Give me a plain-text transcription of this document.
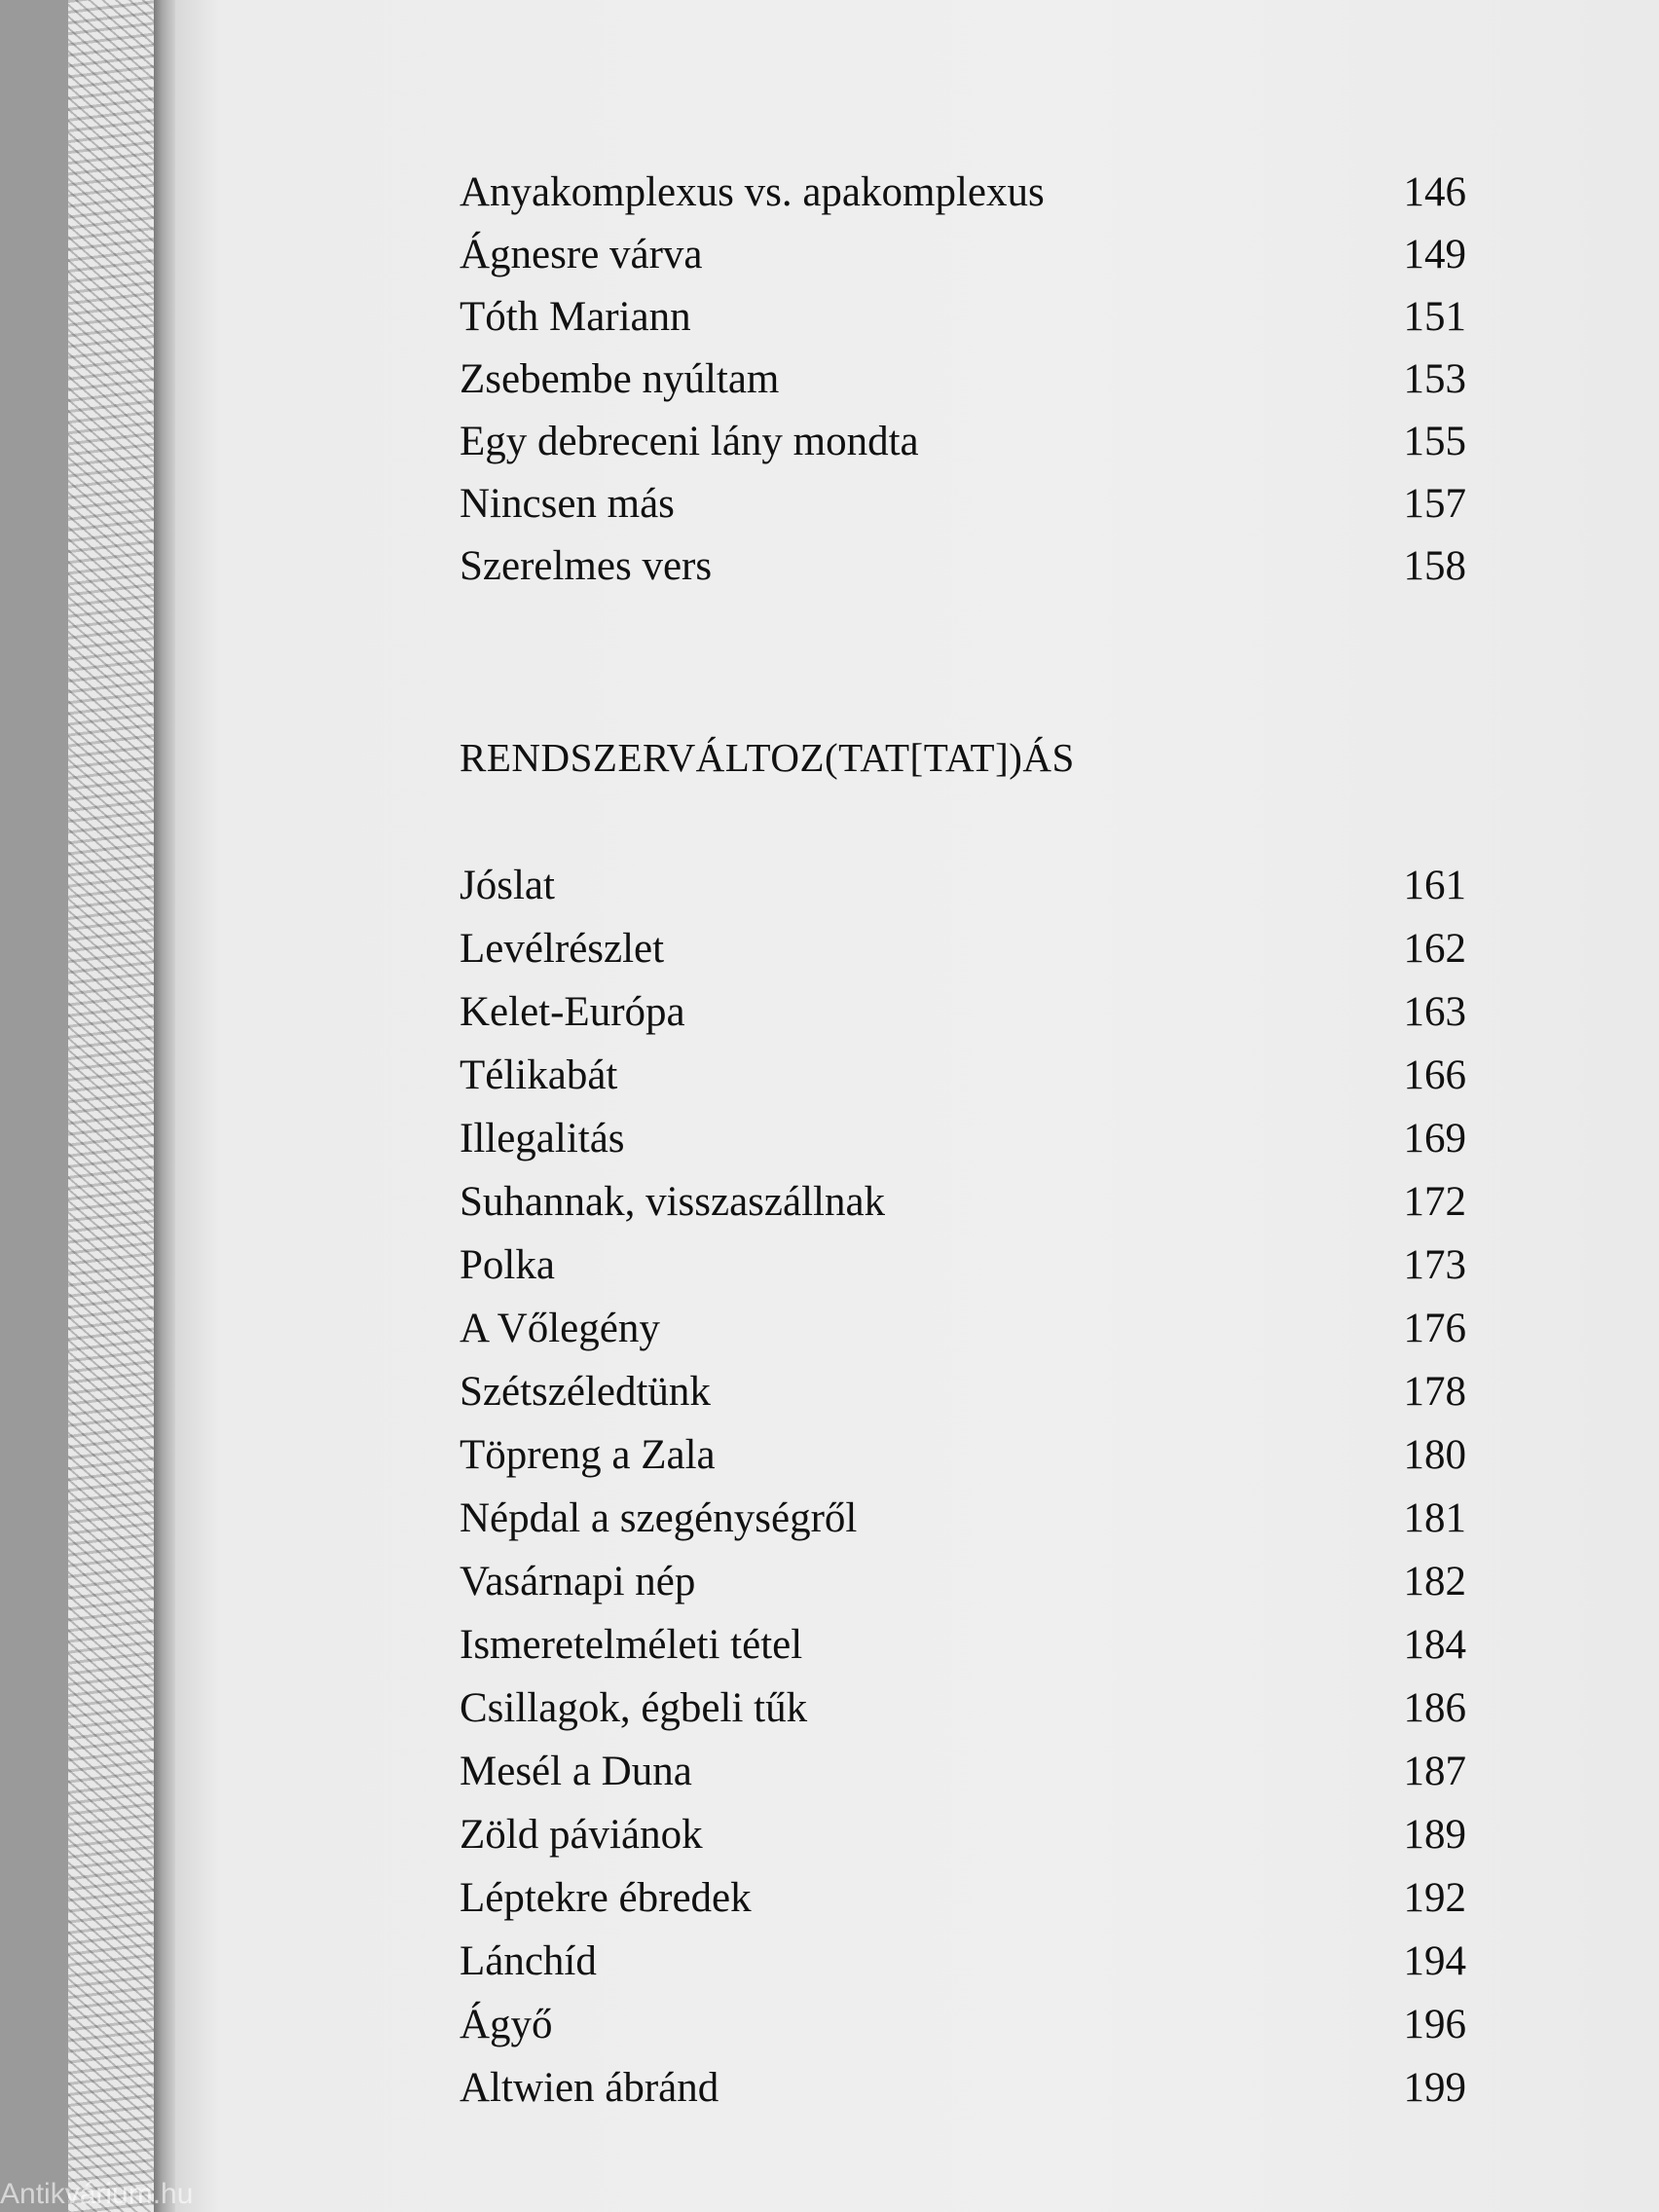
Anyakomplexus vs. apakomplexus	146
Ágnesre várva	149
Tóth Mariann	151
Zsebembe nyúltam	153
Egy debreceni lány mondta	155
Nincsen más	157
Szerelmes vers	158
RENDSZERVÁLTOZ(TAT[TAT])ÁS
Jóslat	161
Levélrészlet	162
Kelet-Európa	163
Télikabát	166
Illegalitás	169
Suhannak, visszaszállnak	172
Polka	173
A Vőlegény	176
Szétszéledtünk	178
Töpreng a Zala	180
Népdal a szegénységről	181
Vasárnapi nép	182
Ismeretelméleti tétel	184
Csillagok, égbeli tűk	186
Mesél a Duna	187
Zöld páviánok	189
Léptekre ébredek	192
Lánchíd	194
Ágyő	196
Altwien ábránd	199
Antikvárium.hu
